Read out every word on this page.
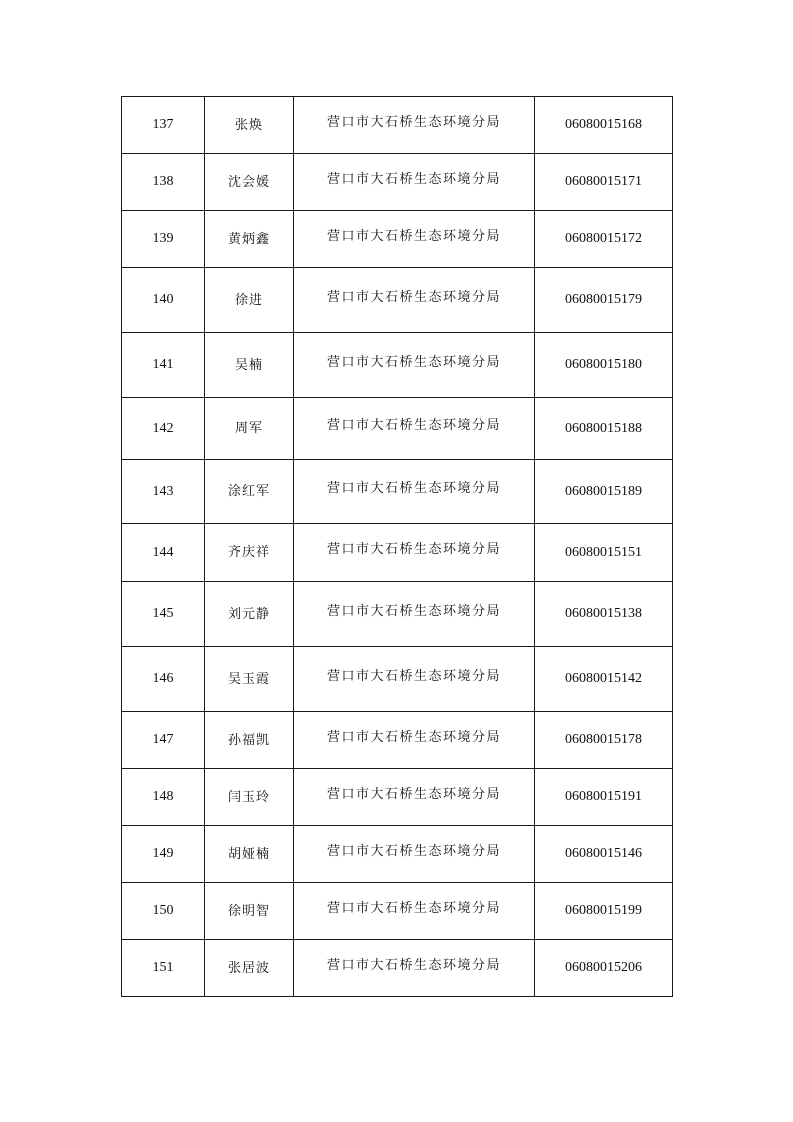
137	张焕	营口市大石桥生态环境分局	06080015168
138	沈会媛	营口市大石桥生态环境分局	06080015171
139	黄炳鑫	营口市大石桥生态环境分局	06080015172
140	徐进	营口市大石桥生态环境分局	06080015179
141	吴楠	营口市大石桥生态环境分局	06080015180
142	周军	营口市大石桥生态环境分局	06080015188
143	涂红军	营口市大石桥生态环境分局	06080015189
144	齐庆祥	营口市大石桥生态环境分局	06080015151
145	刘元静	营口市大石桥生态环境分局	06080015138
146	吴玉霞	营口市大石桥生态环境分局	06080015142
147	孙福凯	营口市大石桥生态环境分局	06080015178
148	闫玉玲	营口市大石桥生态环境分局	06080015191
149	胡娅楠	营口市大石桥生态环境分局	06080015146
150	徐明智	营口市大石桥生态环境分局	06080015199
151	张居波	营口市大石桥生态环境分局	06080015206
